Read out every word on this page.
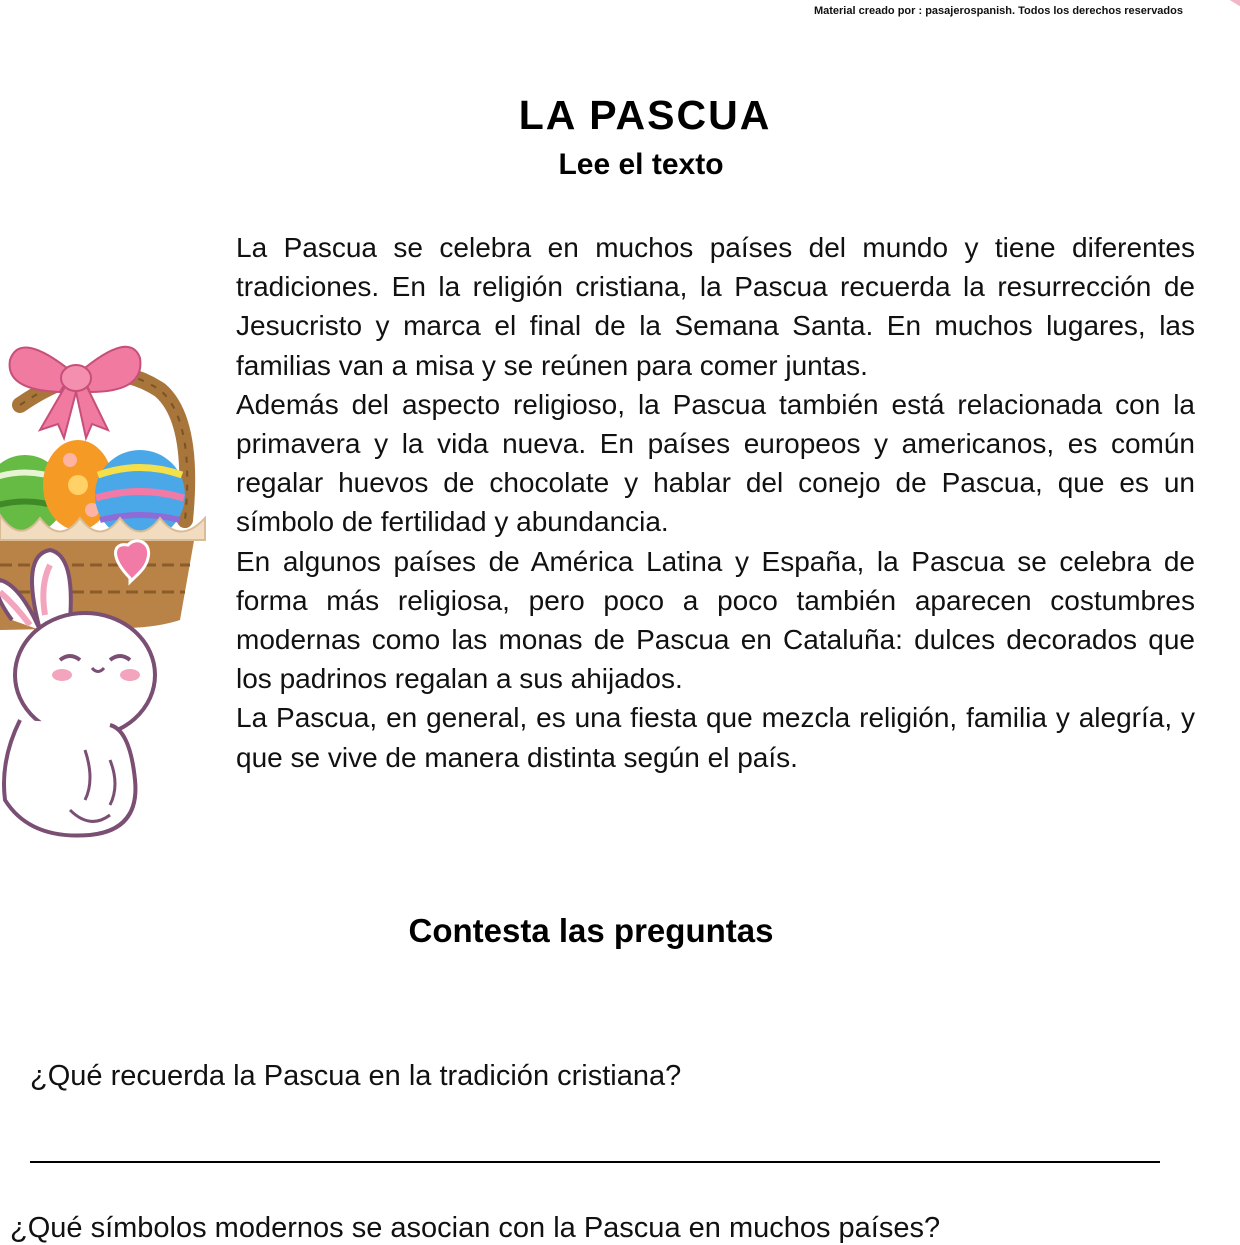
Material creado por : pasajerospanish. Todos los derechos reservados
LA PASCUA
Lee el texto

La Pascua se celebra en muchos países del mundo y tiene diferentes tradiciones. En la religión cristiana, la Pascua recuerda la resurrección de Jesucristo y marca el final de la Semana Santa. En muchos lugares, las familias van a misa y se reúnen para comer juntas.

Además del aspecto religioso, la Pascua también está relacionada con la primavera y la vida nueva. En países europeos y americanos, es común regalar huevos de chocolate y hablar del conejo de Pascua, que es un símbolo de fertilidad y abundancia.

En algunos países de América Latina y España, la Pascua se celebra de forma más religiosa, pero poco a poco también aparecen costumbres modernas como las monas de Pascua en Cataluña: dulces decorados que los padrinos regalan a sus ahijados.

La Pascua, en general, es una fiesta que mezcla religión, familia y alegría, y que se vive de manera distinta según el país.

Contesta las preguntas
¿Qué recuerda la Pascua en la tradición cristiana?
¿Qué símbolos modernos se asocian con la Pascua en muchos países?
